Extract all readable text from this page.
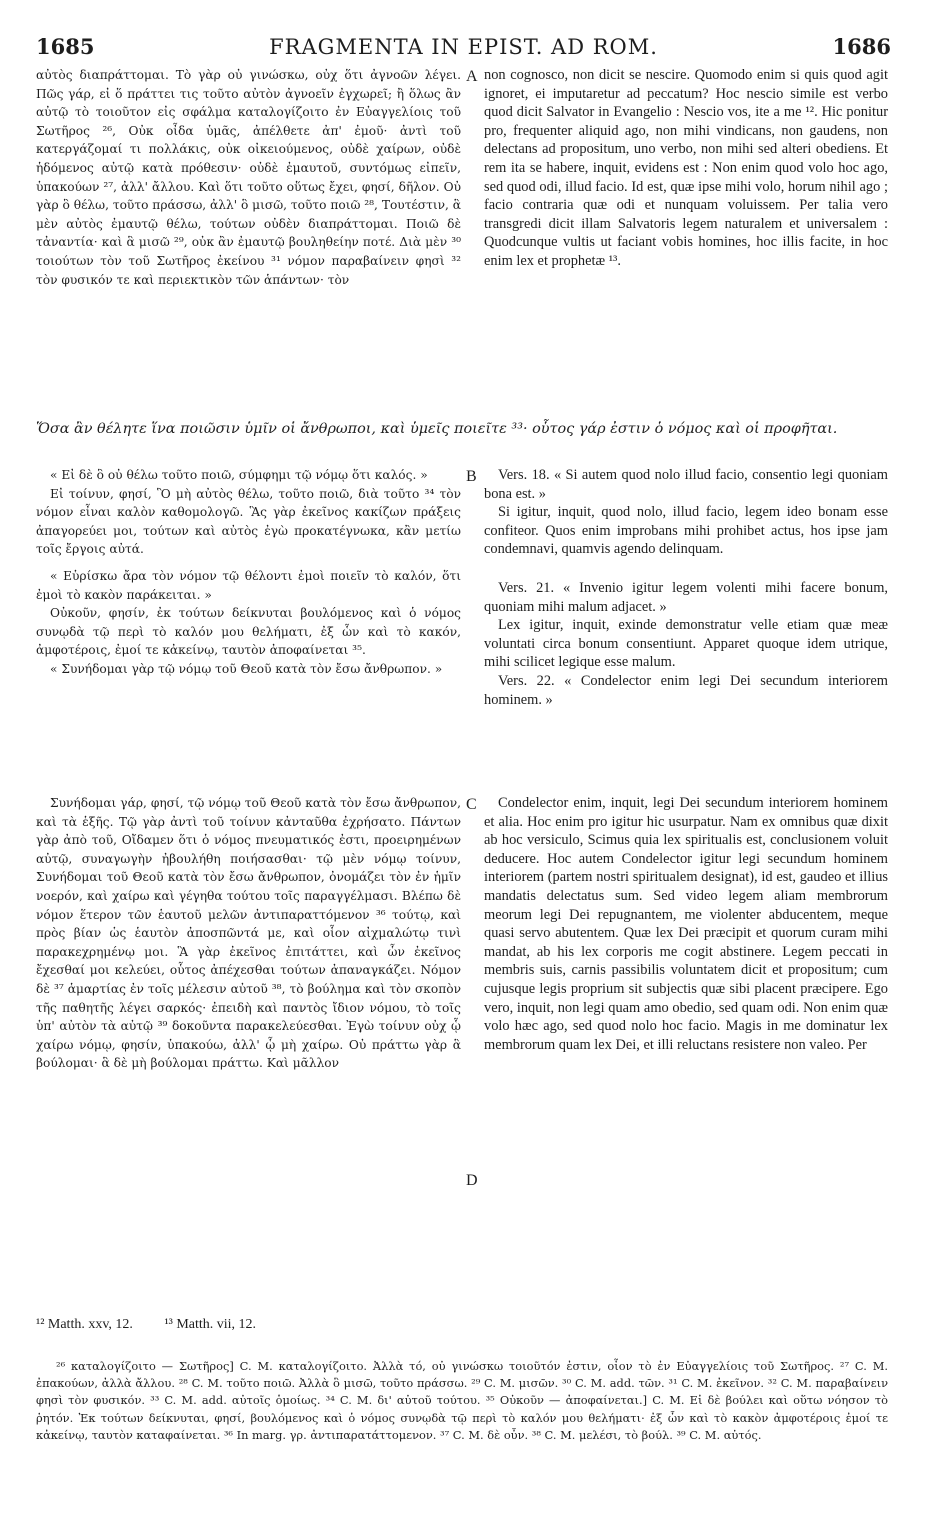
1685	FRAGMENTA IN EPIST. AD ROM.	1686

αὐτὸς διαπράττομαι. Τὸ γὰρ οὐ γινώσκω, οὐχ ὅτι ἀγνοῶν λέγει. Πῶς γάρ, εἰ ὅ πράττει τις τοῦτο αὐτὸν ἀγνοεῖν ἐγχωρεῖ; ἢ ὅλως ἂν αὐτῷ τὸ τοιοῦτον εἰς σφάλμα καταλογίζοιτο ἐν Εὐαγγελίοις τοῦ Σωτῆρος ²⁶, Οὐκ οἶδα ὑμᾶς, ἀπέλθετε ἀπ' ἐμοῦ· ἀντὶ τοῦ κατεργάζομαί τι πολλάκις, οὐκ οἰκειούμενος, οὐδὲ χαίρων, οὐδὲ ἡδόμενος αὐτῷ κατὰ πρόθεσιν· οὐδὲ ἐμαυτοῦ, συντόμως εἰπεῖν, ὑπακούων ²⁷, ἀλλ' ἄλλου. Καὶ ὅτι τοῦτο οὕτως ἔχει, φησί, δῆλον. Οὐ γὰρ ὃ θέλω, τοῦτο πράσσω, ἀλλ' ὃ μισῶ, τοῦτο ποιῶ ²⁸, Τουτέστιν, ἃ μὲν αὐτὸς ἐμαυτῷ θέλω, τούτων οὐδὲν διαπράττομαι. Ποιῶ δὲ τἀναντία· καὶ ἃ μισῶ ²⁹, οὐκ ἂν ἐμαυτῷ βουληθείην ποτέ. Διὰ μὲν ³⁰ τοιούτων τὸν τοῦ Σωτῆρος ἐκείνου ³¹ νόμον παραβαίνειν φησὶ ³² τὸν φυσικόν τε καὶ περιεκτικὸν τῶν ἁπάντων· τὸν

A non cognosco, non dicit se nescire. Quomodo enim si quis quod agit ignoret, ei imputaretur ad peccatum? Hoc nescio simile est verbo quod dicit Salvator in Evangelio : Nescio vos, ite a me ¹². Hic ponitur pro, frequenter aliquid ago, non mihi vindicans, non gaudens, non delectans ad propositum, uno verbo, non mihi sed alteri obediens. Et rem ita se habere, inquit, evidens est : Non enim quod volo hoc ago, sed quod odi, illud facio. Id est, quæ ipse mihi volo, horum nihil ago ; facio contraria quæ odi et nunquam voluissem. Per talia vero transgredi dicit illam Salvatoris legem naturalem et universalem : Quodcunque vultis ut faciant vobis homines, hoc illis facite, in hoc enim lex et prophetæ ¹³.

Ὅσα ἂν θέλητε ἵνα ποιῶσιν ὑμῖν οἱ ἄνθρωποι, καὶ ὑμεῖς ποιεῖτε ³³· οὗτος γάρ ἐστιν ὁ νόμος καὶ οἱ προφῆται.

« Εἰ δὲ ὃ οὐ θέλω τοῦτο ποιῶ, σύμφημι τῷ νόμῳ ὅτι καλός. »

Εἰ τοίνυν, φησί, Ὃ μὴ αὐτὸς θέλω, τοῦτο ποιῶ, διὰ τοῦτο ³⁴ τὸν νόμον εἶναι καλὸν καθομολογῶ. Ἃς γὰρ ἐκεῖνος κακίζων πράξεις ἀπαγορεύει μοι, τούτων καὶ αὐτὸς ἐγὼ προκατέγνωκα, κἂν μετίω τοῖς ἔργοις αὐτά.

« Εὑρίσκω ἄρα τὸν νόμον τῷ θέλοντι ἐμοὶ ποιεῖν τὸ καλόν, ὅτι ἐμοὶ τὸ κακὸν παράκειται. »

Οὐκοῦν, φησίν, ἐκ τούτων δείκνυται βουλόμενος καὶ ὁ νόμος συνῳδὰ τῷ περὶ τὸ καλόν μου θελήματι, ἐξ ὧν καὶ τὸ κακόν, ἀμφοτέροις, ἐμοί τε κἀκείνῳ, ταυτὸν ἀποφαίνεται ³⁵.

« Συνήδομαι γὰρ τῷ νόμῳ τοῦ Θεοῦ κατὰ τὸν ἔσω ἄνθρωπον. »

B	Vers. 18. « Si autem quod nolo illud facio, consentio legi quoniam bona est. »

Si igitur, inquit, quod nolo, illud facio, legem ideo bonam esse confiteor. Quos enim improbans mihi prohibet actus, hos ipse jam condemnavi, quamvis agendo delinquam.

Vers. 21. « Invenio igitur legem volenti mihi facere bonum, quoniam mihi malum adjacet. »

Lex igitur, inquit, exinde demonstratur velle etiam quæ meæ voluntati circa bonum consentiunt. Apparet quoque idem utrique, mihi scilicet legique esse malum.

Vers. 22. « Condelector enim legi Dei secundum interiorem hominem. »

Συνήδομαι γάρ, φησί, τῷ νόμῳ τοῦ Θεοῦ κατὰ τὸν ἔσω ἄνθρωπον, καὶ τὰ ἑξῆς. Τῷ γὰρ ἀντὶ τοῦ τοίνυν κἀνταῦθα ἐχρήσατο. Πάντων γὰρ ἀπὸ τοῦ, Οἴδαμεν ὅτι ὁ νόμος πνευματικός ἐστι, προειρημένων αὐτῷ, συναγωγὴν ἠβουλήθη ποιήσασθαι· τῷ μὲν νόμῳ τοίνυν, Συνήδομαι τοῦ Θεοῦ κατὰ τὸν ἔσω ἄνθρωπον, ὀνομάζει τὸν ἐν ἡμῖν νοερόν, καὶ χαίρω καὶ γέγηθα τούτου τοῖς παραγγέλμασι. Βλέπω δὲ νόμον ἕτερον τῶν ἑαυτοῦ μελῶν ἀντιπαραττόμενον ³⁶ τούτῳ, καὶ πρὸς βίαν ὡς ἑαυτὸν ἀποσπῶντά με, καὶ οἷον αἰχμαλώτῳ τινὶ παρακεχρημένῳ μοι. Ἃ γὰρ ἐκεῖνος ἐπιτάττει, καὶ ὧν ἐκεῖνος ἔχεσθαί μοι κελεύει, οὗτος ἀπέχεσθαι τούτων ἀπαναγκάζει. Νόμον δὲ ³⁷ ἁμαρτίας ἐν τοῖς μέλεσιν αὐτοῦ ³⁸, τὸ βούλημα καὶ τὸν σκοπὸν τῆς παθητῆς λέγει σαρκός· ἐπειδὴ καὶ παντὸς ἴδιον νόμου, τὸ τοῖς ὑπ' αὐτὸν τὰ αὐτῷ ³⁹ δοκοῦντα παρακελεύεσθαι. Ἐγὼ τοίνυν οὐχ ᾧ χαίρω νόμῳ, φησίν, ὑπακούω, ἀλλ' ᾧ μὴ χαίρω. Οὐ πράττω γὰρ ἃ βούλομαι· ἃ δὲ μὴ βούλομαι πράττω. Καὶ μᾶλλον

C
D

Condelector enim, inquit, legi Dei secundum interiorem hominem et alia. Hoc enim pro igitur hic usurpatur. Nam ex omnibus quæ dixit ab hoc versiculo, Scimus quia lex spiritualis est, conclusionem voluit deducere. Hoc autem Condelector igitur legi secundum hominem interiorem (partem nostri spiritualem designat), id est, gaudeo et illius mandatis delectatus sum. Sed video legem aliam membrorum meorum legi Dei repugnantem, me violenter abducentem, meque quasi servo abutentem. Quæ lex Dei præcipit et quorum curam mihi mandat, ab his lex corporis me cogit abstinere. Legem peccati in membris suis, carnis passibilis voluntatem dicit et propositum; cum cujusque legis proprium sit subjectis quæ sibi placent præcipere. Ego vero, inquit, non legi quam amo obedio, sed quam odi. Non enim quæ volo hæc ago, sed quod nolo hoc facio. Magis in me dominatur lex membrorum quam lex Dei, et illi reluctans resistere non valeo. Per

¹² Matth. xxv, 12. ¹³ Matth. vii, 12.

²⁶ καταλογίζοιτο — Σωτῆρος] C. M. καταλογίζοιτο. Ἀλλὰ τό, οὐ γινώσκω τοιοῦτόν ἐστιν, οἷον τὸ ἐν Εὐαγγελίοις τοῦ Σωτῆρος. ²⁷ C. M. ἐπακούων, ἀλλὰ ἄλλου. ²⁸ C. M. τοῦτο ποιῶ. Ἀλλὰ ὃ μισῶ, τοῦτο πράσσω. ²⁹ C. M. μισῶν. ³⁰ C. M. add. τῶν. ³¹ C. M. ἐκεῖνον. ³² C. M. παραβαίνειν φησὶ τὸν φυσικόν. ³³ C. M. add. αὐτοῖς ὁμοίως. ³⁴ C. M. δι' αὐτοῦ τούτου. ³⁵ Οὐκοῦν — ἀποφαίνεται.] C. M. Εἰ δὲ βούλει καὶ οὕτω νόησον τὸ ῥητόν. Ἐκ τούτων δείκνυται, φησί, βουλόμενος καὶ ὁ νόμος συνῳδὰ τῷ περὶ τὸ καλόν μου θελήματι· ἐξ ὧν καὶ τὸ κακὸν ἀμφοτέροις ἐμοί τε κἀκείνῳ, ταυτὸν καταφαίνεται. ³⁶ In marg. γρ. ἀντιπαρατάττομενον. ³⁷ C. M. δὲ οὖν. ³⁸ C. M. μελέσι, τὸ βούλ. ³⁹ C. M. αὐτός.
